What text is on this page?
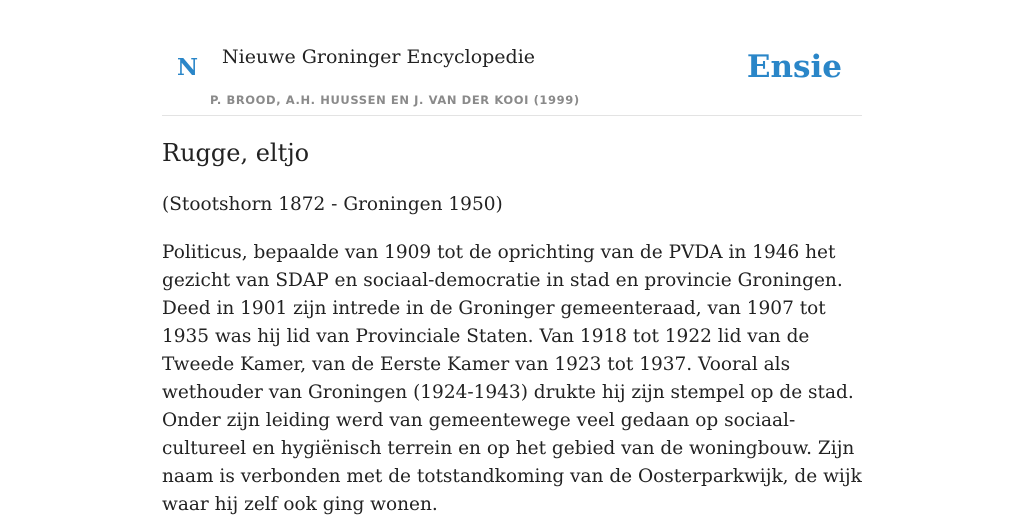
N Nieuwe Groninger Encyclopedie
P. BROOD, A.H. HUUSSEN EN J. VAN DER KOOI (1999)
Ensie
Rugge, eltjo

(Stootshorn 1872 - Groningen 1950)

Politicus, bepaalde van 1909 tot de oprichting van de PVDA in 1946 het gezicht van SDAP en sociaal-democratie in stad en provincie Groningen. Deed in 1901 zijn intrede in de Groninger gemeenteraad, van 1907 tot 1935 was hij lid van Provinciale Staten. Van 1918 tot 1922 lid van de Tweede Kamer, van de Eerste Kamer van 1923 tot 1937. Vooral als wethouder van Groningen (1924-1943) drukte hij zijn stempel op de stad. Onder zijn leiding werd van gemeentewege veel gedaan op sociaal-cultureel en hygiënisch terrein en op het gebied van de woningbouw. Zijn naam is verbonden met de totstandkoming van de Oosterparkwijk, de wijk waar hij zelf ook ging wonen.
